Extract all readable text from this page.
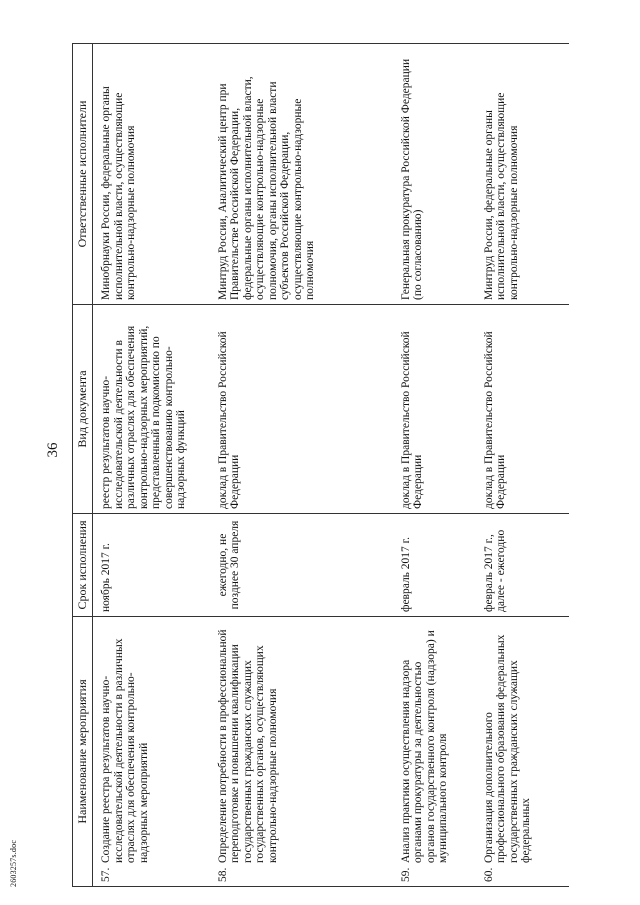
36
2603257s.doc
Наименование мероприятия	Срок исполнения	Вид документа	Ответственные исполнители
57.Создание реестра результатов научно-исследовательской деятельности в различных отраслях для обеспечения контрольно-надзорных мероприятий	ноябрь 2017 г.	реестр результатов научно-исследовательской деятельности в различных отраслях для обеспечения контрольно-надзорных мероприятий, представленный в подкомиссию по совершенствованию контрольно-надзорных функций	Минобрнауки России, федеральные органы исполнительной власти, осуществляющие контрольно-надзорные полномочия
58.Определение потребности в профессиональной переподготовке и повышении квалификации государственных гражданских служащих государственных органов, осуществляющих контрольно-надзорные полномочия	ежегодно, не позднее 30 апреля	доклад в Правительство Российской Федерации	Минтруд России, Аналитический центр при Правительстве Российской Федерации, федеральные органы исполнительной власти, осуществляющие контрольно-надзорные полномочия, органы исполнительной власти субъектов Российской Федерации, осуществляющие контрольно-надзорные полномочия
59.Анализ практики осуществления надзора органами прокуратуры за деятельностью органов государственного контроля (надзора) и муниципального контроля	февраль 2017 г.	доклад в Правительство Российской Федерации	Генеральная прокуратура Российской Федерации (по согласованию)
60.Организация дополнительного профессионального образования федеральных государственных гражданских служащих федеральных	февраль 2017 г., далее - ежегодно	доклад в Правительство Российской Федерации	Минтруд России, федеральные органы исполнительной власти, осуществляющие контрольно-надзорные полномочия
